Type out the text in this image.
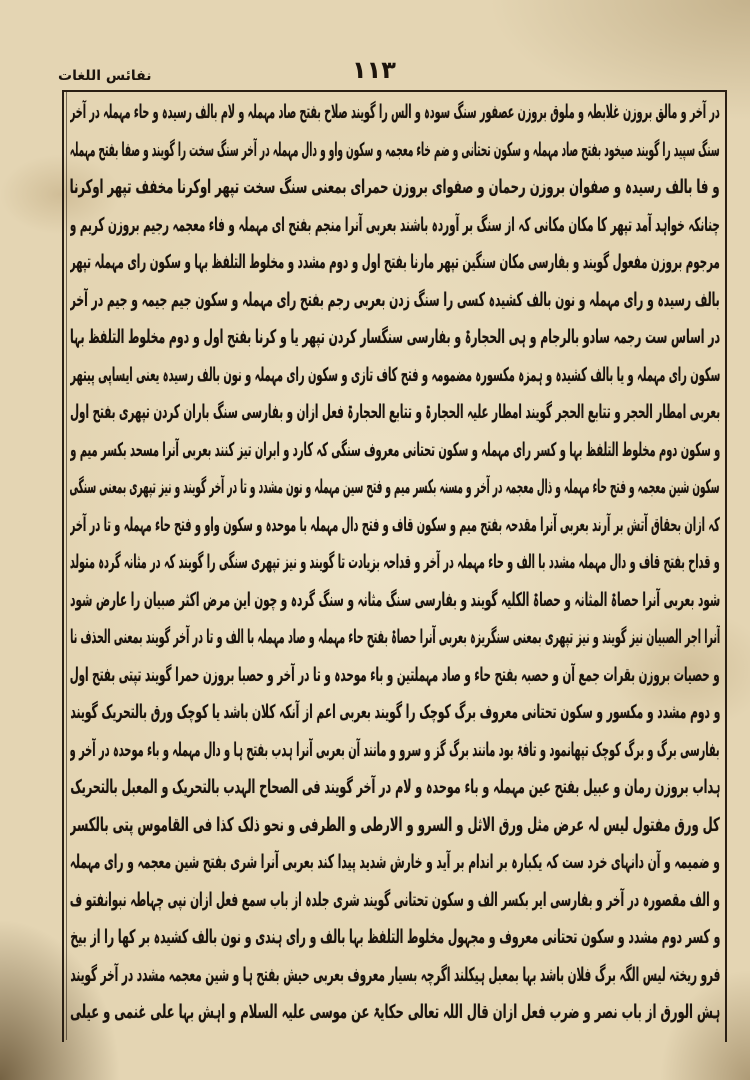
نفائس اللغات	۱۱۳
در آخر و مالق بروزن غلابطہ و ملوق بروزن عصفور سنگ سودہ و الس را گویند صلاح بفتح صاد مہملہ و لام بالف رسیدہ و حاء مہملہ در آخر
سنگ سپید را گویند صیخود بفتح صاد مہملہ و سکون تحتانی و ضم خاء معجمہ و سکون واو و دال مہملہ در آخر سنگ سخت را گویند و صفا بفتح مہملہ
و فا بالف رسیدہ و صفوان بروزن رحمان و صفوای بروزن حمرای بمعنی سنگ سخت تپھر اوکرنا مخفف تپھر اوکرنا
چنانکہ خواہد آمد تپھر کا مکان مکانی کہ از سنگ بر آوردہ باشند بعربی آنرا منجم بفتح ای مہملہ و فاء معجمہ رجیم بروزن کریم و
مرجوم بروزن مفعول گویند و بفارسی مکان سنگین تپھر مارنا بفتح اول و دوم مشدد و مخلوط التلفظ بہا و سکون رای مہملہ تپھر
بالف رسیدہ و رای مہملہ و نون بالف کشیدہ کسی را سنگ زدن بعربی رجم بفتح رای مہملہ و سکون جیم جیمہ و جیم در آخر
در اساس ست رجمہ سادو بالرجام و ہی الحجارۃ و بفارسی سنگسار کردن تپھر یا و کرنا بفتح اول و دوم مخلوط التلفظ بہا
سکون رای مہملہ و یا بالف کشیدہ و ہمزہ مکسورہ مضمومہ و فتح کاف تازی و سکون رای مہملہ و نون بالف رسیدہ یعنی ایساپی پیتھر
بعربی امطار الحجر و تتابع الحجر گویند امطار علیہ الحجارۃ و تتابع الحجارۃ فعل ازان و بفارسی سنگ باران کردن تپھری بفتح اول
و سکون دوم مخلوط التلفظ بہا و کسر رای مہملہ و سکون تحتانی معروف سنگی کہ کارد و ابران تیز کنند بعربی آنرا مسحد بکسر میم و
سکون شین معجمہ و فتح حاء مہملہ و ذال معجمہ در آخر و مسنہ بکسر میم و فتح سین مہملہ و نون مشدد و تا در آخر گویند و نیز تپھری بمعنی سنگی
کہ ازان بحقاق آتش بر آرند بعربی آنرا مقدحہ بفتح میم و سکون قاف و فتح دال مہملہ با موحدہ و سکون واو و فتح حاء مہملہ و تا در آخر
و قداح بفتح قاف و دال مہملہ مشدد با الف و حاء مہملہ در آخر و قداحہ بزیادت تا گویند و نیز تپھری سنگی را گویند کہ در مثانہ گردہ متولد
شود بعربی آنرا حصاۃ المثانہ و حصاۃ الکلیہ گویند و بفارسی سنگ مثانہ و سنگ گردہ و چون این مرض اکثر صبیان را عارض شود
آنرا اجر الصبیان نیز گویند و نیز تپھری بمعنی سنگریزہ بعربی آنرا حصاۃ بفتح حاء مہملہ و صاد مہملہ با الف و تا در آخر گویند بمعنی الحذف نا
و حصیات بروزن بقرات جمع آن و حصبہ بفتح حاء و صاد مہملتین و باء موحدہ و تا در آخر و حصبا بروزن حمرا گویند تپتی بفتح اول
و دوم مشدد و مکسور و سکون تحتانی معروف برگ کوچک را گویند بعربی اعم از آنکہ کلان باشد یا کوچک ورق بالتحریک گویند
بفارسی برگ و برگ کوچک تپھانمود و تافۃ بود مانند برگ گز و سرو و مانند آن بعربی آنرا ہدب بفتح ہا و دال مہملہ و باء موحدہ در آخر و
ہداب بروزن رمان و عبیل بفتح عین مہملہ و باء موحدہ و لام در آخر گویند فی الصحاح الہدب بالتحریک و المعبل بالتحریک
کل ورق مفتول لیس لہ عرض مثل ورق الاثل و السرو و الارطی و الطرفی و نحو ذلک کذا فی القاموس پتی بالکسر
و ضمیمہ و آن دانہای خرد ست کہ یکبارہ بر اندام بر آید و خارش شدید پیدا کند بعربی آنرا شری بفتح شین معجمہ و رای مہملہ
و الف مقصورہ در آخر و بفارسی ایر بکسر الف و سکون تحتانی گویند شری جلدہ از باب سمع فعل ازان نپی چہاطہ نبوانفتو ف
و کسر دوم مشدد و سکون تحتانی معروف و مجہول مخلوط التلفظ بہا بالف و رای ہندی و نون بالف کشیدہ بر کھا را از بیخ
فرو ریختہ لیس الگہ برگ فلان باشد بہا بمعبل ہیکلند اگرچہ بسیار معروف بعربی حیش بفتح ہا و شین معجمہ مشدد در آخر گویند
ہش الورق از باب نصر و ضرب فعل ازان قال اللہ تعالی حکایۃ عن موسی علیہ السلام و اہش بہا علی غنمی و عیلی
